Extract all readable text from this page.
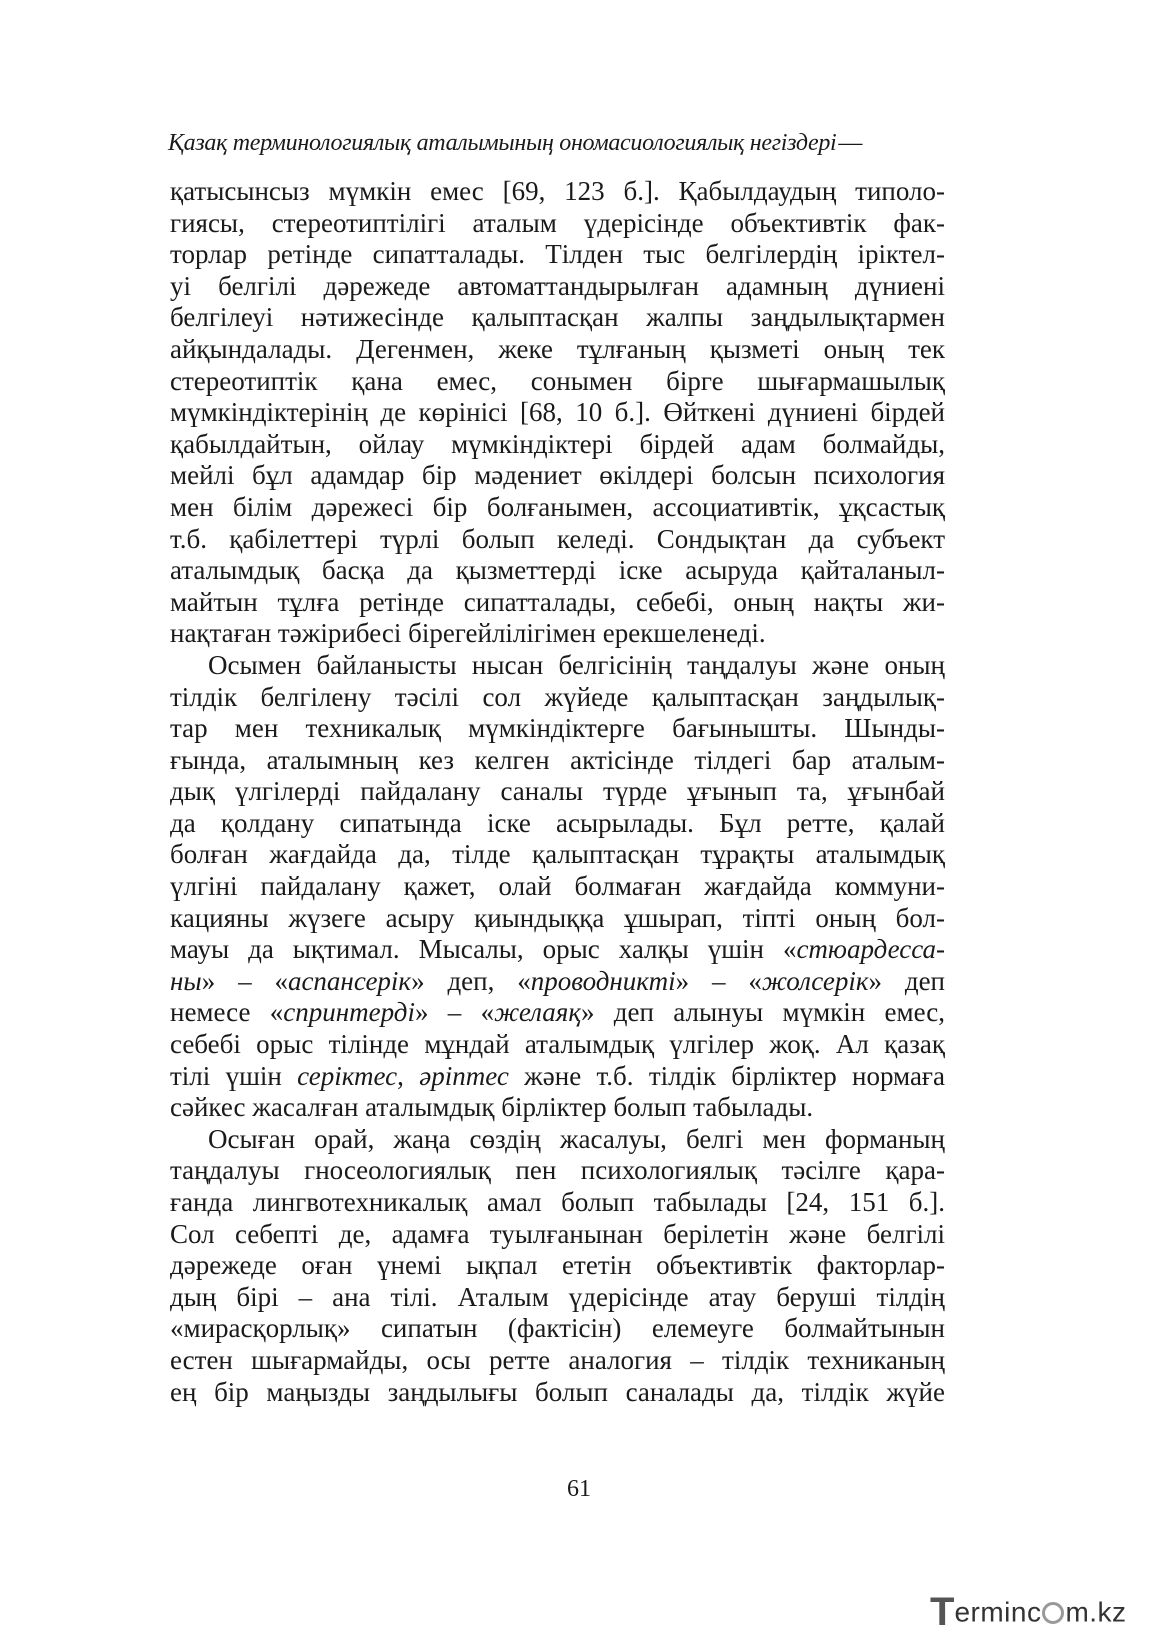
Қазақ терминологиялық аталымының ономасиологиялық негіздері—
қатысынсыз мүмкін емес [69, 123 б.]. Қабылдаудың типоло-
гиясы, стереотиптілігі аталым үдерісінде объективтік фак-
торлар ретінде сипатталады. Тілден тыс белгілердің іріктел-
уі белгілі дәрежеде автоматтандырылған адамның дүниені
белгілеуі нәтижесінде қалыптасқан жалпы заңдылықтармен
айқындалады. Дегенмен, жеке тұлғаның қызметі оның тек
стереотиптік қана емес, сонымен бірге шығармашылық
мүмкіндіктерінің де көрінісі [68, 10 б.]. Өйткені дүниені бірдей
қабылдайтын, ойлау мүмкіндіктері бірдей адам болмайды,
мейлі бұл адамдар бір мәдениет өкілдері болсын психология
мен білім дәрежесі бір болғанымен, ассоциативтік, ұқсастық
т.б. қабілеттері түрлі болып келеді. Сондықтан да субъект
аталымдық басқа да қызметтерді іске асыруда қайталаныл-
майтын тұлға ретінде сипатталады, себебі, оның нақты жи-
нақтаған тәжірибесі бірегейлілігімен ерекшеленеді.
Осымен байланысты нысан белгісінің таңдалуы және оның
тілдік белгілену тәсілі сол жүйеде қалыптасқан заңдылық-
тар мен техникалық мүмкіндіктерге бағынышты. Шынды-
ғында, аталымның кез келген актісінде тілдегі бар аталым-
дық үлгілерді пайдалану саналы түрде ұғынып та, ұғынбай
да қолдану сипатында іске асырылады. Бұл ретте, қалай
болған жағдайда да, тілде қалыптасқан тұрақты аталымдық
үлгіні пайдалану қажет, олай болмаған жағдайда коммуни-
кацияны жүзеге асыру қиындыққа ұшырап, тіпті оның бол-
мауы да ықтимал. Мысалы, орыс халқы үшін «стюардесса-
ны» – «аспансерік» деп, «проводникті» – «жолсерік» деп
немесе «спринтерді» – «желаяқ» деп алынуы мүмкін емес,
себебі орыс тілінде мұндай аталымдық үлгілер жоқ. Ал қазақ
тілі үшін серіктес, әріптес және т.б. тілдік бірліктер нормаға
сәйкес жасалған аталымдық бірліктер болып табылады.
Осыған орай, жаңа сөздің жасалуы, белгі мен форманың
таңдалуы гносеологиялық пен психологиялық тәсілге қара-
ғанда лингвотехникалық амал болып табылады [24, 151 б.].
Сол себепті де, адамға туылғанынан берілетін және белгілі
дәрежеде оған үнемі ықпал ететін объективтік факторлар-
дың бірі – ана тілі. Аталым үдерісінде атау беруші тілдің
«мирасқорлық» сипатын (фактісін) елемеуге болмайтынын
естен шығармайды, осы ретте аналогия – тілдік техниканың
ең бір маңызды заңдылығы болып саналады да, тілдік жүйе
61
Terminc m.kz
